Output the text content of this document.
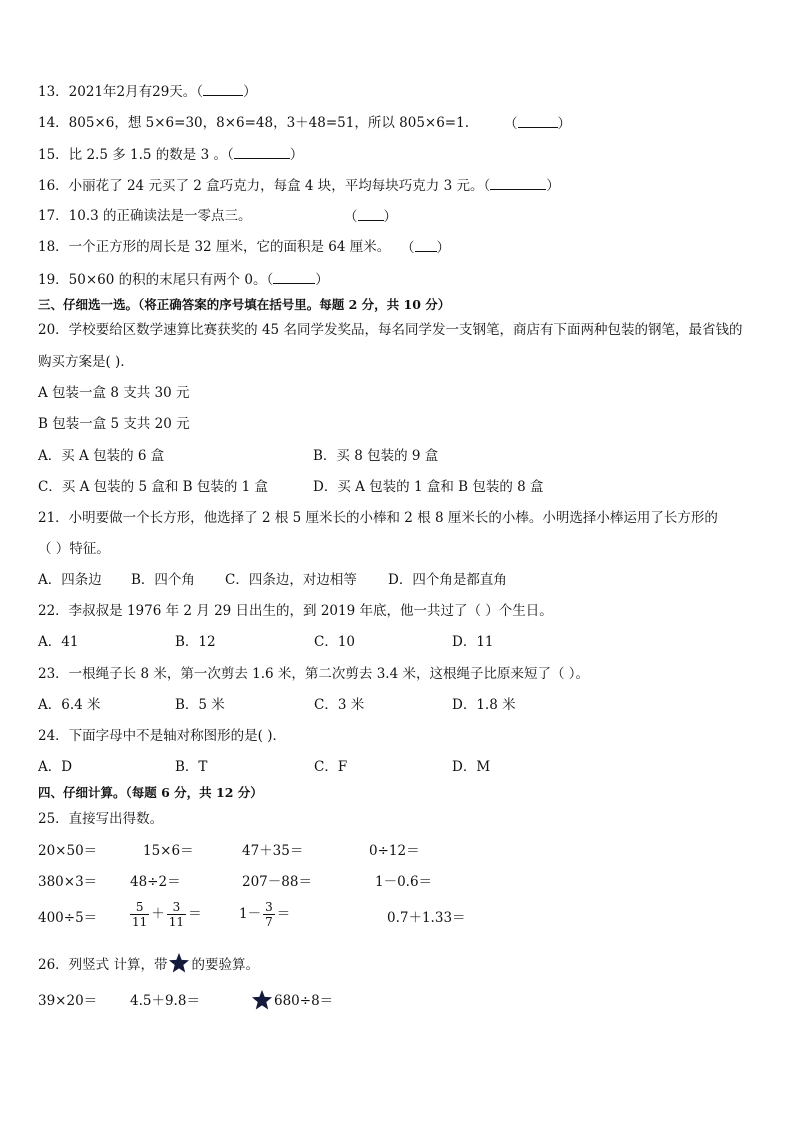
13．2021年2月有29天。（	）
14．805×6，想 5×6=30，8×6=48，3＋48=51，所以 805×6=1.	（	）
15．比 2.5 多 1.5 的数是 3 。（	）
16．小丽花了 24 元买了 2 盒巧克力，每盒 4 块，平均每块巧克力 3 元。（	）
17．10.3 的正确读法是一零点三。	（ ）
18．一个正方形的周长是 32 厘米，它的面积是 64 厘米。 （ ）
19．50×60 的积的末尾只有两个 0。（	）
三、仔细选一选。（将正确答案的序号填在括号里。每题 2 分，共 10 分）
20．学校要给区数学速算比赛获奖的 45 名同学发奖品，每名同学发一支钢笔，商店有下面两种包装的钢笔，最省钱的
购买方案是( )．
A 包装一盒 8 支共 30 元
B 包装一盒 5 支共 20 元
A．买 A 包装的 6 盒	B．买 8 包装的 9 盒
C．买 A 包装的 5 盒和 B 包装的 1 盒	D．买 A 包装的 1 盒和 B 包装的 8 盒
21．小明要做一个长方形，他选择了 2 根 5 厘米长的小棒和 2 根 8 厘米长的小棒。小明选择小棒运用了长方形的
（ ）特征。
A．四条边 B．四个角 C．四条边，对边相等 D．四个角是都直角
22．李叔叔是 1976 年 2 月 29 日出生的，到 2019 年底，他一共过了（ ）个生日。
A．41	B．12	C．10	D．11
23．一根绳子长 8 米，第一次剪去 1.6 米，第二次剪去 3.4 米，这根绳子比原来短了（ ）。
A．6.4 米	B．5 米	C．3 米	D．1.8 米
24．下面字母中不是轴对称图形的是( )．
A．D	B．T	C．F	D．M
四、仔细计算。（每题 6 分，共 12 分）
25．直接写出得数。
20×50＝	15×6＝	47＋35＝	0÷12＝
380×3＝ 48÷2＝	207－88＝	1－0.6＝
400÷5＝	$\frac{5}{11} + \frac{3}{11}$ ＝	$1- \frac{3}{7}$ ＝	0.7＋1.33＝
26．列竖式 计算，带 的要验算。
39×20＝ 4.5＋9.8＝	680÷8＝
